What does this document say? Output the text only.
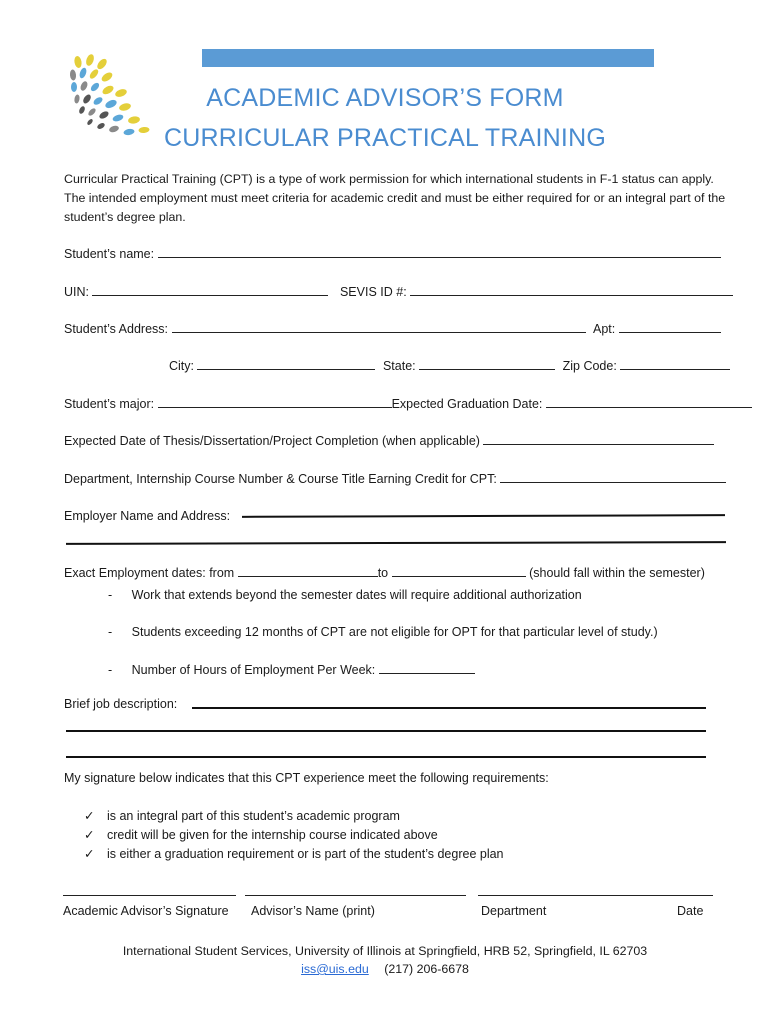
ACADEMIC ADVISOR’S FORM
CURRICULAR PRACTICAL TRAINING
Curricular Practical Training (CPT) is a type of work permission for which international students in F-1 status can apply. The intended employment must meet criteria for academic credit and must be either required for or an integral part of the student’s degree plan.
Student’s name:
UIN:	SEVIS ID #:
Student’s Address:	Apt:
City:	State:	Zip Code:
Student’s major:	Expected Graduation Date:
Expected Date of Thesis/Dissertation/Project Completion (when applicable)
Department, Internship Course Number & Course Title Earning Credit for CPT:
Employer Name and Address:
Exact Employment dates: from	to	(should fall within the semester)
- Work that extends beyond the semester dates will require additional authorization
- Students exceeding 12 months of CPT are not eligible for OPT for that particular level of study.)
- Number of Hours of Employment Per Week:
Brief job description:
My signature below indicates that this CPT experience meet the following requirements:
✓ is an integral part of this student’s academic program
✓ credit will be given for the internship course indicated above
✓ is either a graduation requirement or is part of the student’s degree plan
Academic Advisor’s Signature Advisor’s Name (print)	Department	Date
International Student Services, University of Illinois at Springfield, HRB 52, Springfield, IL 62703
iss@uis.edu (217) 206-6678
